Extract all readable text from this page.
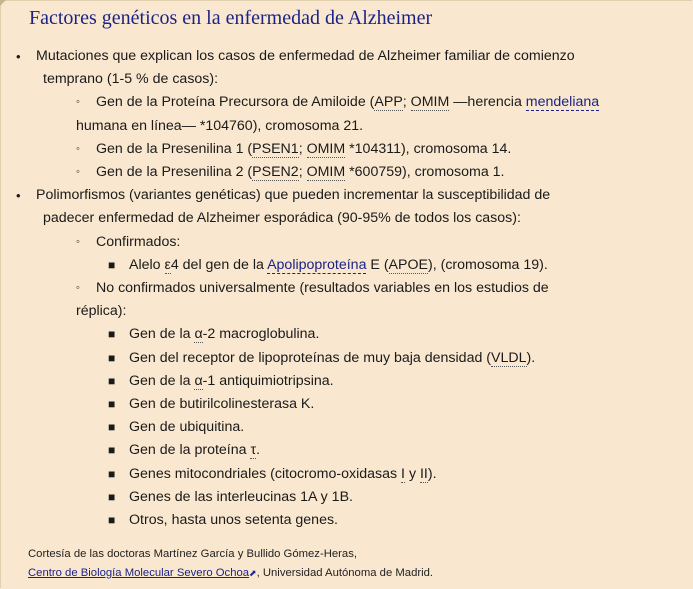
Factores genéticos en la enfermedad de Alzheimer
• Mutaciones que explican los casos de enfermedad de Alzheimer familiar de comienzo
temprano (1-5 % de casos):
◦ Gen de la Proteína Precursora de Amiloide (APP; OMIM —herencia mendeliana
humana en línea— *104760), cromosoma 21.
◦ Gen de la Presenilina 1 (PSEN1; OMIM *104311), cromosoma 14.
◦ Gen de la Presenilina 2 (PSEN2; OMIM *600759), cromosoma 1.
• Polimorfismos (variantes genéticas) que pueden incrementar la susceptibilidad de
padecer enfermedad de Alzheimer esporádica (90-95% de todos los casos):
◦ Confirmados:
■ Alelo ε4 del gen de la Apolipoproteína E (APOE), (cromosoma 19).
◦ No confirmados universalmente (resultados variables en los estudios de
réplica):
■ Gen de la α-2 macroglobulina.
■ Gen del receptor de lipoproteínas de muy baja densidad (VLDL).
■ Gen de la α-1 antiquimiotripsina.
■ Gen de butirilcolinesterasa K.
■ Gen de ubiquitina.
■ Gen de la proteína τ.
■ Genes mitocondriales (citocromo-oxidasas I y II).
■ Genes de las interleucinas 1A y 1B.
■ Otros, hasta unos setenta genes.
Cortesía de las doctoras Martínez García y Bullido Gómez-Heras,
Centro de Biología Molecular Severo Ochoa⬈, Universidad Autónoma de Madrid.
